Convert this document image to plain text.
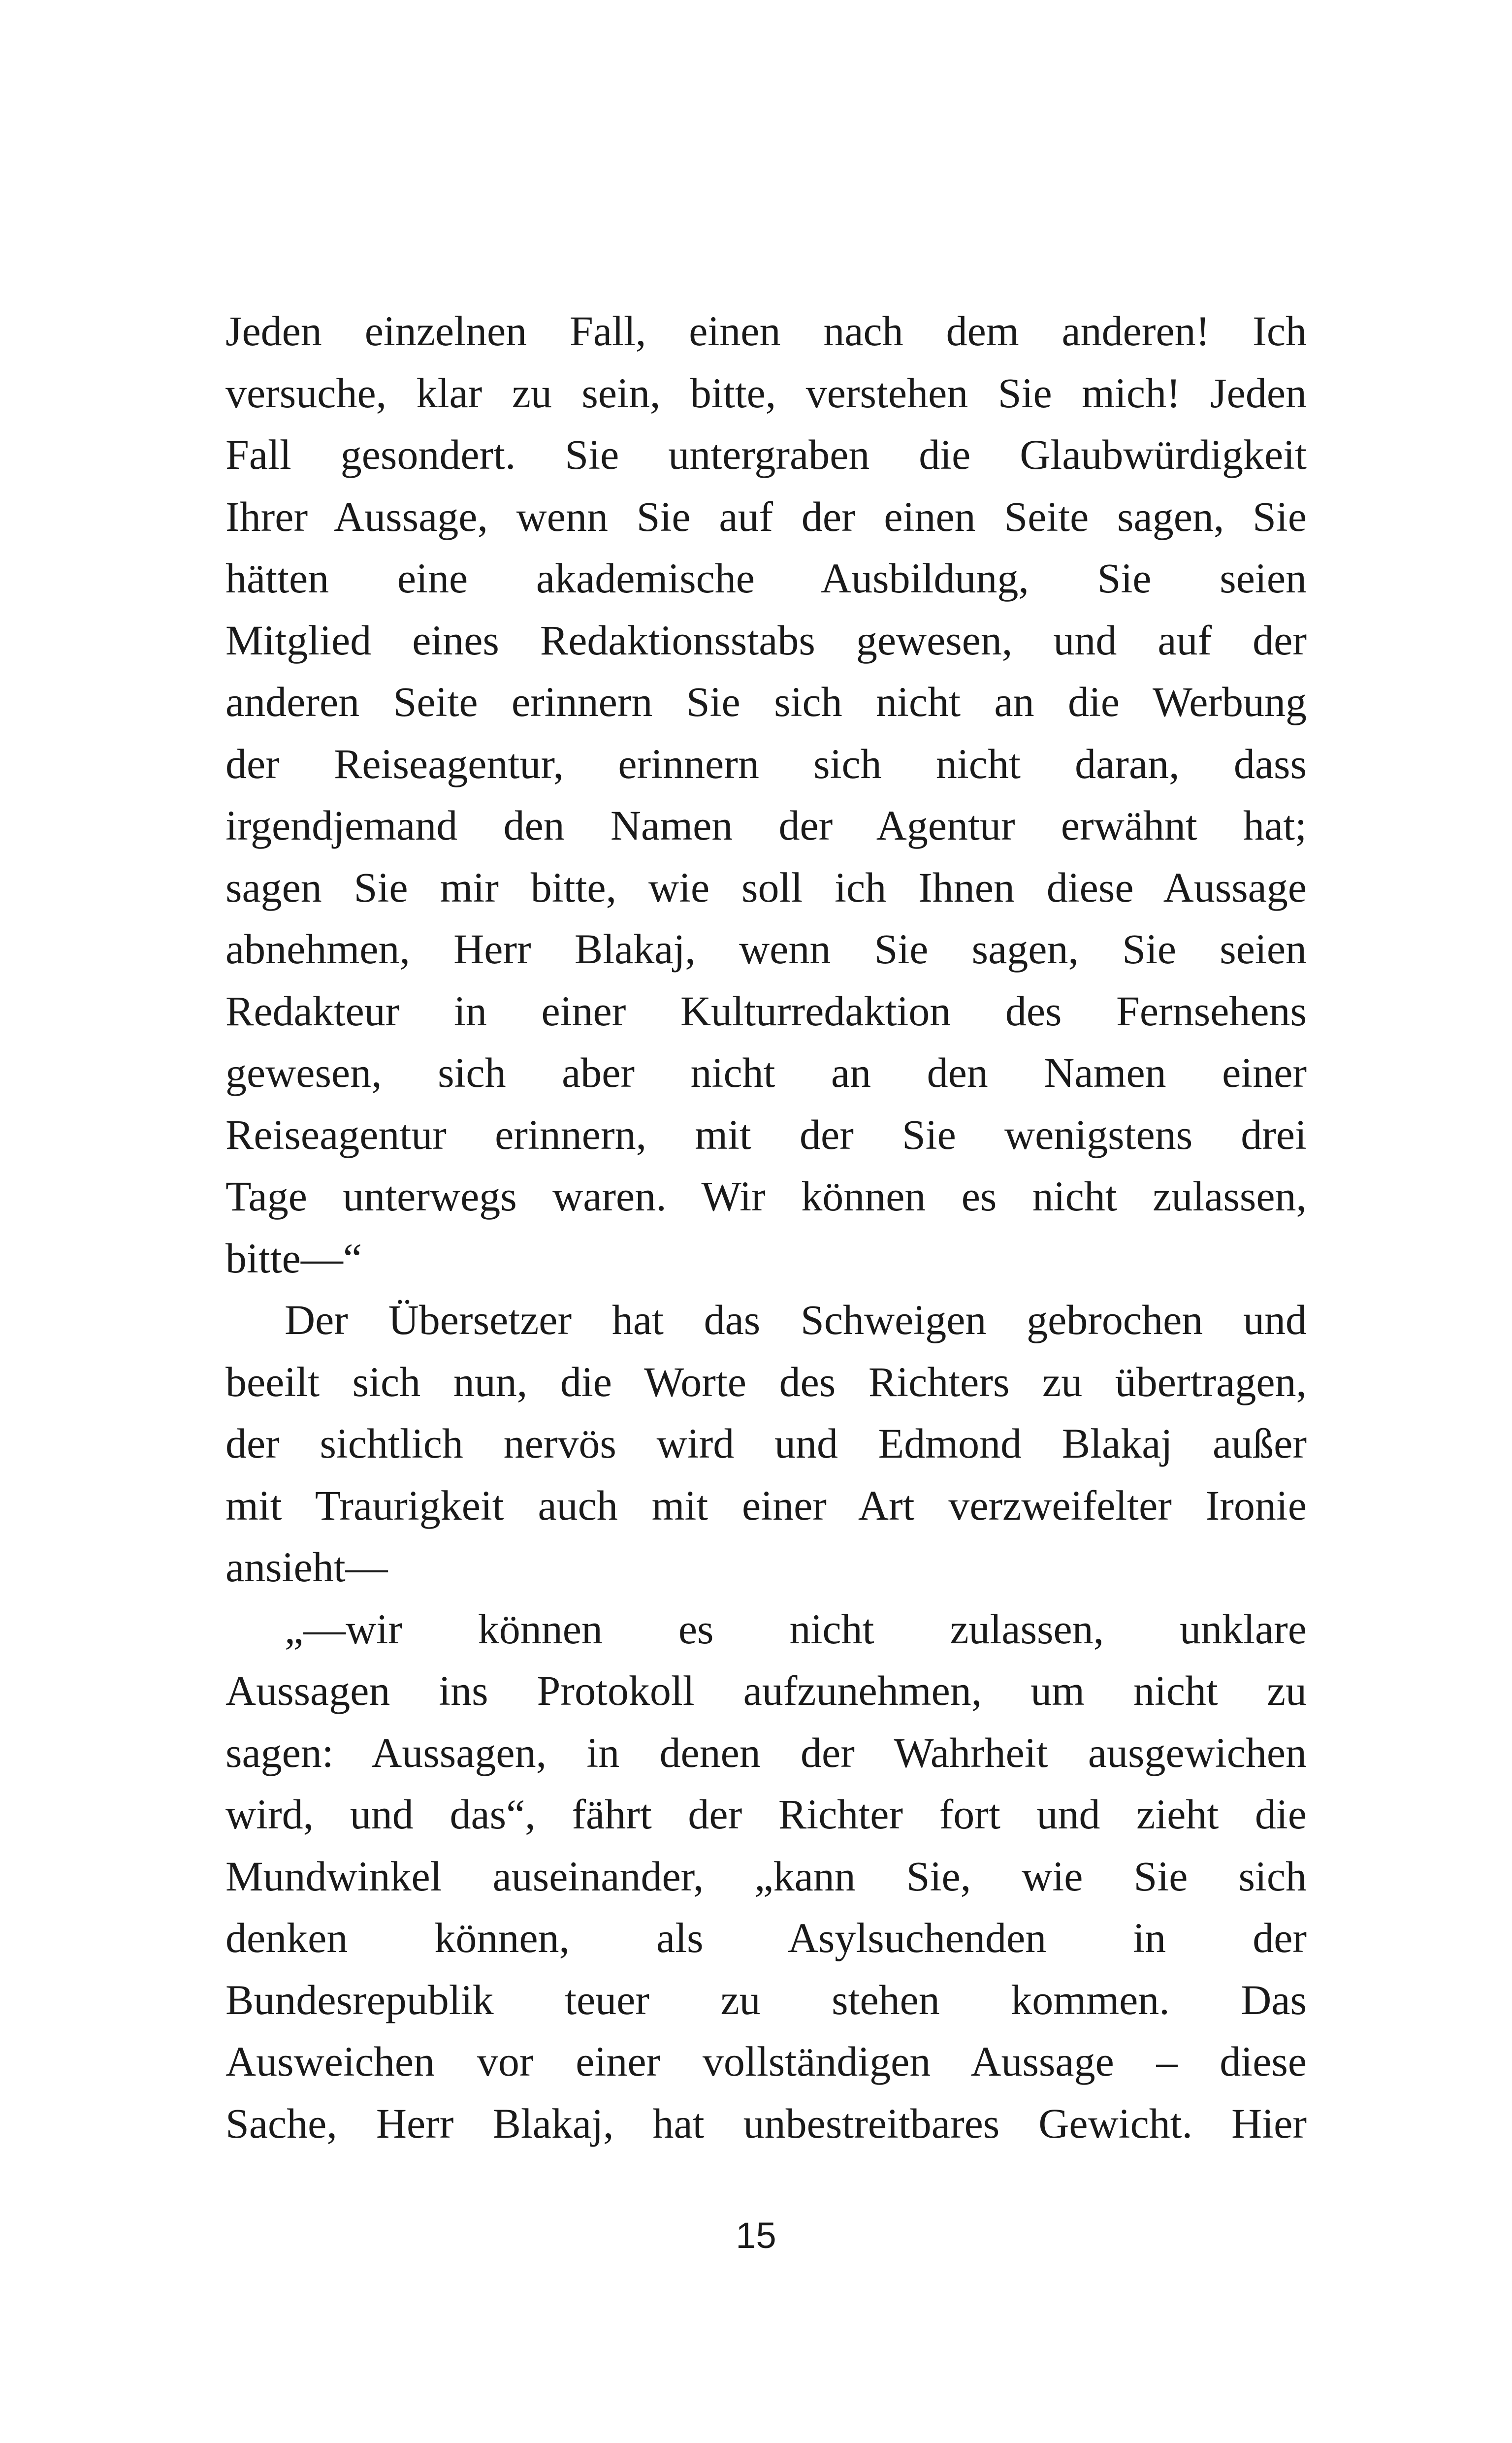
Jeden einzelnen Fall, einen nach dem anderen! Ich
versuche, klar zu sein, bitte, verstehen Sie mich! Jeden
Fall gesondert. Sie untergraben die Glaubwürdigkeit
Ihrer Aussage, wenn Sie auf der einen Seite sagen, Sie
hätten eine akademische Ausbildung, Sie seien
Mitglied eines Redaktionsstabs gewesen, und auf der
anderen Seite erinnern Sie sich nicht an die Werbung
der Reiseagentur, erinnern sich nicht daran, dass
irgendjemand den Namen der Agentur erwähnt hat;
sagen Sie mir bitte, wie soll ich Ihnen diese Aussage
abnehmen, Herr Blakaj, wenn Sie sagen, Sie seien
Redakteur in einer Kulturredaktion des Fernsehens
gewesen, sich aber nicht an den Namen einer
Reiseagentur erinnern, mit der Sie wenigstens drei
Tage unterwegs waren. Wir können es nicht zulassen,
bitte—“
Der Übersetzer hat das Schweigen gebrochen und
beeilt sich nun, die Worte des Richters zu übertragen,
der sichtlich nervös wird und Edmond Blakaj außer
mit Traurigkeit auch mit einer Art verzweifelter Ironie
ansieht—
„—wir können es nicht zulassen, unklare
Aussagen ins Protokoll aufzunehmen, um nicht zu
sagen: Aussagen, in denen der Wahrheit ausgewichen
wird, und das“, fährt der Richter fort und zieht die
Mundwinkel auseinander, „kann Sie, wie Sie sich
denken können, als Asylsuchenden in der
Bundesrepublik teuer zu stehen kommen. Das
Ausweichen vor einer vollständigen Aussage – diese
Sache, Herr Blakaj, hat unbestreitbares Gewicht. Hier
15
